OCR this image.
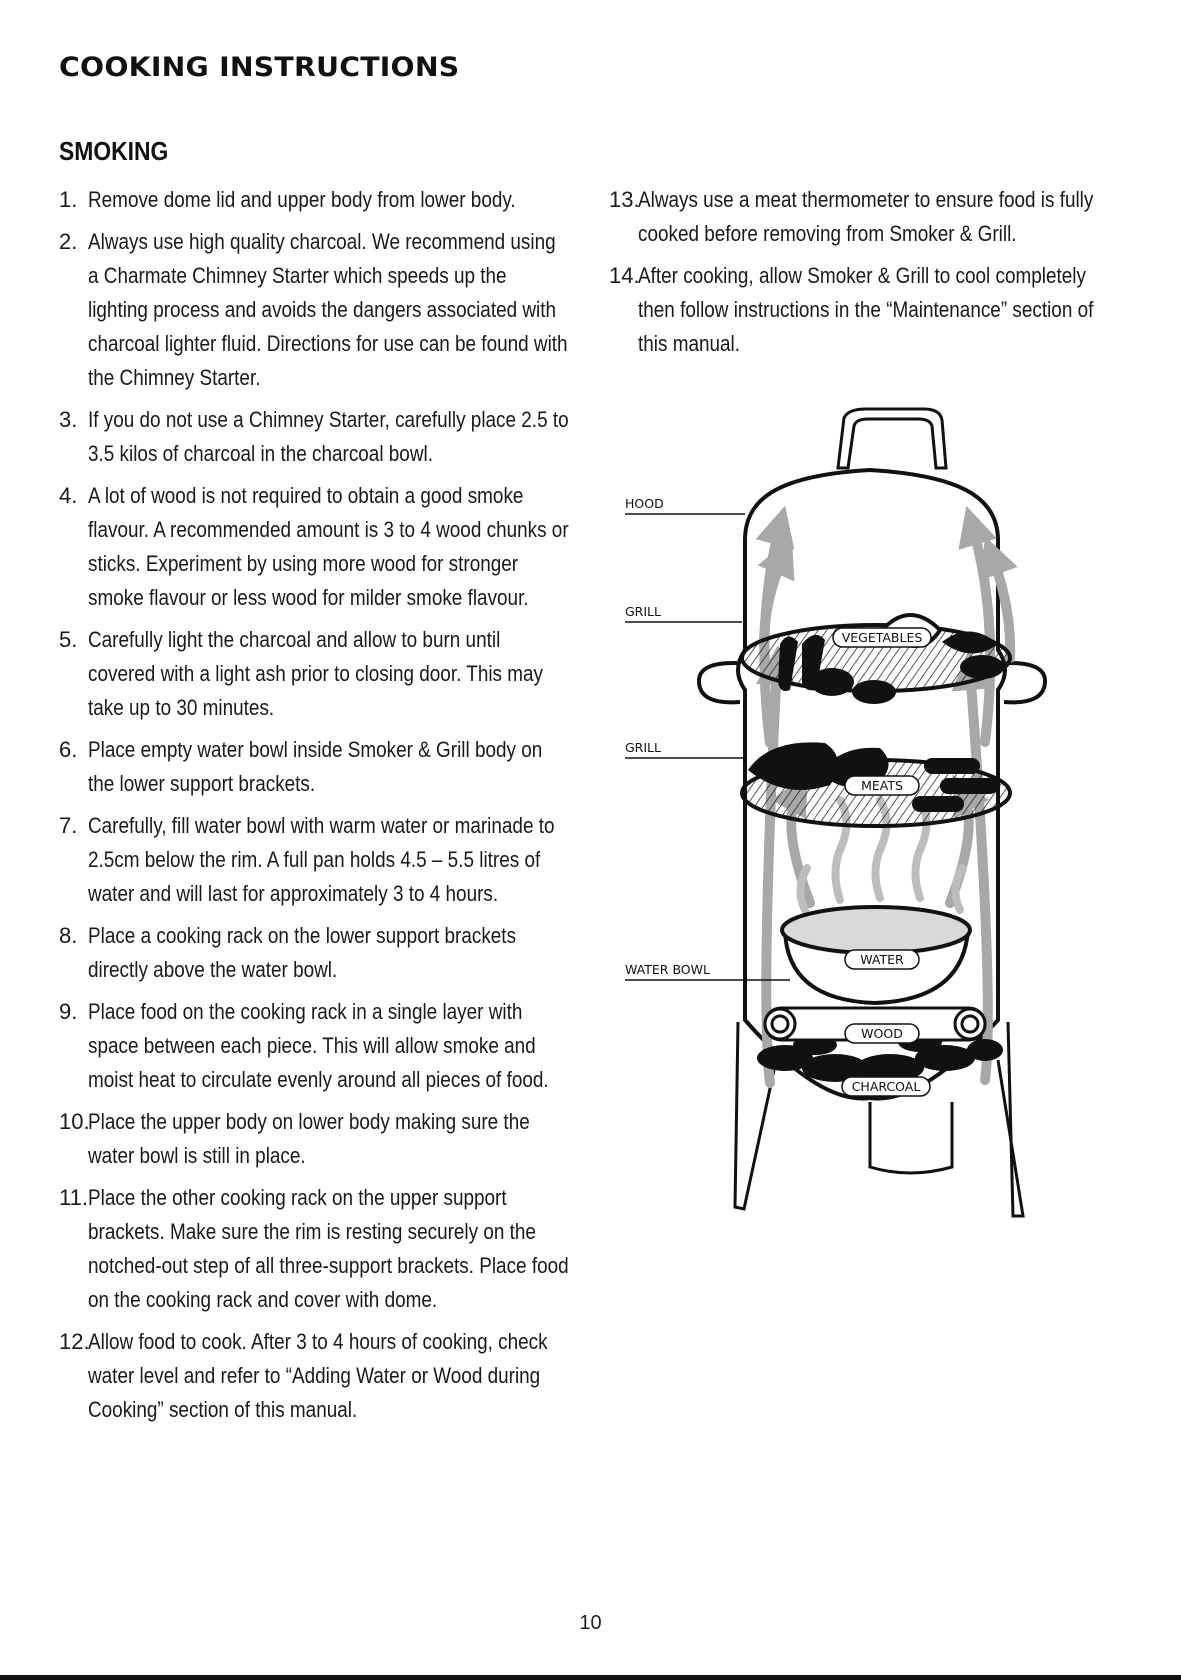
COOKING INSTRUCTIONS
SMOKING
1. Remove dome lid and upper body from lower body.
2. Always use high quality charcoal. We recommend using a Charmate Chimney Starter which speeds up the lighting process and avoids the dangers associated with charcoal lighter fluid. Directions for use can be found with the Chimney Starter.
3. If you do not use a Chimney Starter, carefully place 2.5 to 3.5 kilos of charcoal in the charcoal bowl.
4. A lot of wood is not required to obtain a good smoke flavour. A recommended amount is 3 to 4 wood chunks or sticks. Experiment by using more wood for stronger smoke flavour or less wood for milder smoke flavour.
5. Carefully light the charcoal and allow to burn until covered with a light ash prior to closing door. This may take up to 30 minutes.
6. Place empty water bowl inside Smoker & Grill body on the lower support brackets.
7. Carefully, fill water bowl with warm water or marinade to 2.5cm below the rim. A full pan holds 4.5 – 5.5 litres of water and will last for approximately 3 to 4 hours.
8. Place a cooking rack on the lower support brackets directly above the water bowl.
9. Place food on the cooking rack in a single layer with space between each piece. This will allow smoke and moist heat to circulate evenly around all pieces of food.
10.
Place the upper body on lower body making sure the water bowl is still in place.
11. Place the other cooking rack on the upper support brackets. Make sure the rim is resting securely on the notched-out step of all three-support brackets. Place food on the cooking rack and cover with dome.
12.
Allow food to cook. After 3 to 4 hours of cooking, check water level and refer to “Adding Water or Wood during Cooking” section of this manual.
13.
Always use a meat thermometer to ensure food is fully cooked before removing from Smoker & Grill.
14.
After cooking, allow Smoker & Grill to cool completely then follow instructions in the “Maintenance” section of this manual.
HOOD
GRILL
GRILL
WATER BOWL
VEGETABLES
MEATS
WATER
WOOD
CHARCOAL
10
